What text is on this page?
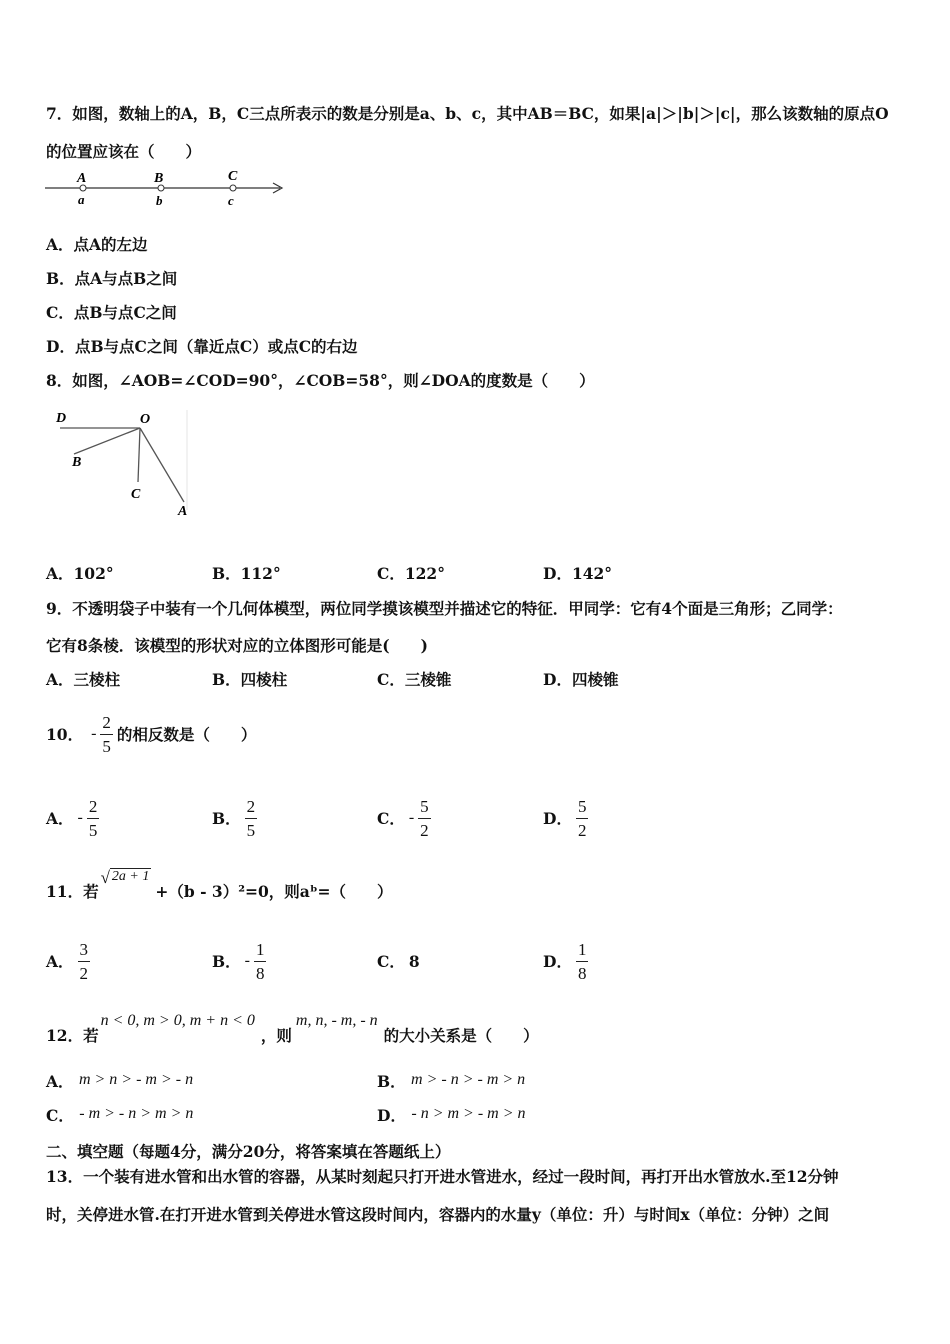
7．如图，数轴上的A，B，C三点所表示的数是分别是a、b、c，其中AB＝BC，如果|a|＞|b|＞|c|，那么该数轴的原点O
的位置应该在（　　）
A	B	C
a	b	c
A．点A的左边
B．点A与点B之间
C．点B与点C之间
D．点B与点C之间（靠近点C）或点C的右边
8．如图，∠AOB=∠COD=90°，∠COB=58°，则∠DOA的度数是（　　）
D	O
B
C
A
A．102°	B．112°	C．122°	D．142°
9．不透明袋子中装有一个几何体模型，两位同学摸该模型并描述它的特征．甲同学：它有4个面是三角形；乙同学：
它有8条棱．该模型的形状对应的立体图形可能是(　　)
A．三棱柱	B．四棱柱	C．三棱锥	D．四棱锥
10． - $\frac{2}{5}$ 的相反数是（　　）
A． - $\frac{2}{5}$	B． $\frac{2}{5}$	C． - $\frac{5}{2}$	D． $\frac{5}{2}$
11．若
√ 2a + 1
+（b - 3）²=0，则aᵇ=（　　）
A． $\frac{3}{2}$	B． - $\frac{1}{8}$	C． 8	D． $\frac{1}{8}$
12．若
n < 0, m > 0, m + n < 0
，则
m, n, - m, - n
的大小关系是（　　）
A． m > n > - m > - n	B． m > - n > - m > n
C． - m > - n > m > n	D． - n > m > - m > n
二、填空题（每题4分，满分20分，将答案填在答题纸上）
13．一个装有进水管和出水管的容器，从某时刻起只打开进水管进水，经过一段时间，再打开出水管放水.至12分钟
时，关停进水管.在打开进水管到关停进水管这段时间内，容器内的水量y（单位：升）与时间x（单位：分钟）之间
